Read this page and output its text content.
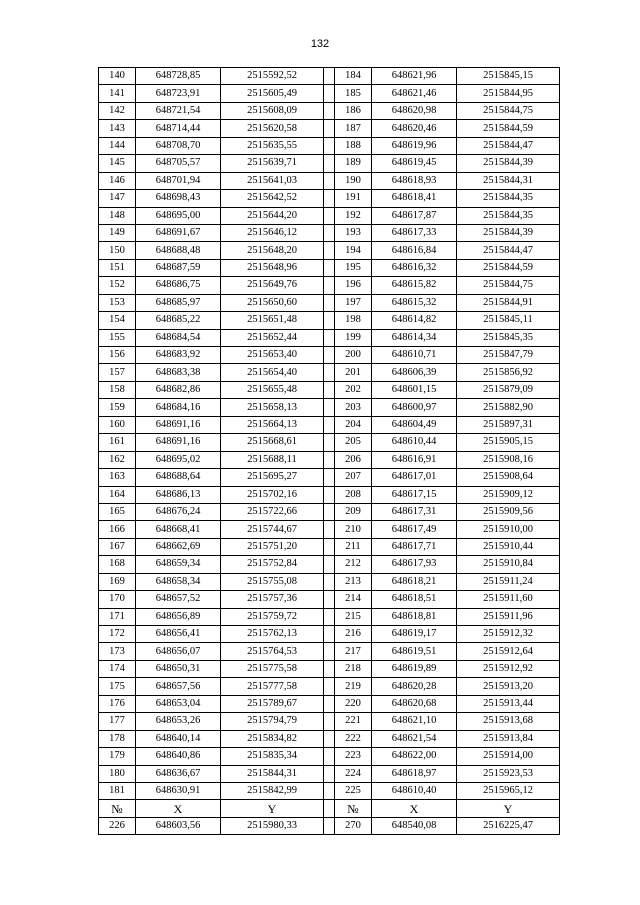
132
140	648728,85	2515592,52		184	648621,96	2515845,15
141	648723,91	2515605,49		185	648621,46	2515844,95
142	648721,54	2515608,09		186	648620,98	2515844,75
143	648714,44	2515620,58		187	648620,46	2515844,59
144	648708,70	2515635,55		188	648619,96	2515844,47
145	648705,57	2515639,71		189	648619,45	2515844,39
146	648701,94	2515641,03		190	648618,93	2515844,31
147	648698,43	2515642,52		191	648618,41	2515844,35
148	648695,00	2515644,20		192	648617,87	2515844,35
149	648691,67	2515646,12		193	648617,33	2515844,39
150	648688,48	2515648,20		194	648616,84	2515844,47
151	648687,59	2515648,96		195	648616,32	2515844,59
152	648686,75	2515649,76		196	648615,82	2515844,75
153	648685,97	2515650,60		197	648615,32	2515844,91
154	648685,22	2515651,48		198	648614,82	2515845,11
155	648684,54	2515652,44		199	648614,34	2515845,35
156	648683,92	2515653,40		200	648610,71	2515847,79
157	648683,38	2515654,40		201	648606,39	2515856,92
158	648682,86	2515655,48		202	648601,15	2515879,09
159	648684,16	2515658,13		203	648600,97	2515882,90
160	648691,16	2515664,13		204	648604,49	2515897,31
161	648691,16	2515668,61		205	648610,44	2515905,15
162	648695,02	2515688,11		206	648616,91	2515908,16
163	648688,64	2515695,27		207	648617,01	2515908,64
164	648686,13	2515702,16		208	648617,15	2515909,12
165	648676,24	2515722,66		209	648617,31	2515909,56
166	648668,41	2515744,67		210	648617,49	2515910,00
167	648662,69	2515751,20		211	648617,71	2515910,44
168	648659,34	2515752,84		212	648617,93	2515910,84
169	648658,34	2515755,08		213	648618,21	2515911,24
170	648657,52	2515757,36		214	648618,51	2515911,60
171	648656,89	2515759,72		215	648618,81	2515911,96
172	648656,41	2515762,13		216	648619,17	2515912,32
173	648656,07	2515764,53		217	648619,51	2515912,64
174	648650,31	2515775,58		218	648619,89	2515912,92
175	648657,56	2515777,58		219	648620,28	2515913,20
176	648653,04	2515789,67		220	648620,68	2515913,44
177	648653,26	2515794,79		221	648621,10	2515913,68
178	648640,14	2515834,82		222	648621,54	2515913,84
179	648640,86	2515835,34		223	648622,00	2515914,00
180	648636,67	2515844,31		224	648618,97	2515923,53
181	648630,91	2515842,99		225	648610,40	2515965,12
№	X	Y		№	X	Y
226	648603,56	2515980,33		270	648540,08	2516225,47
